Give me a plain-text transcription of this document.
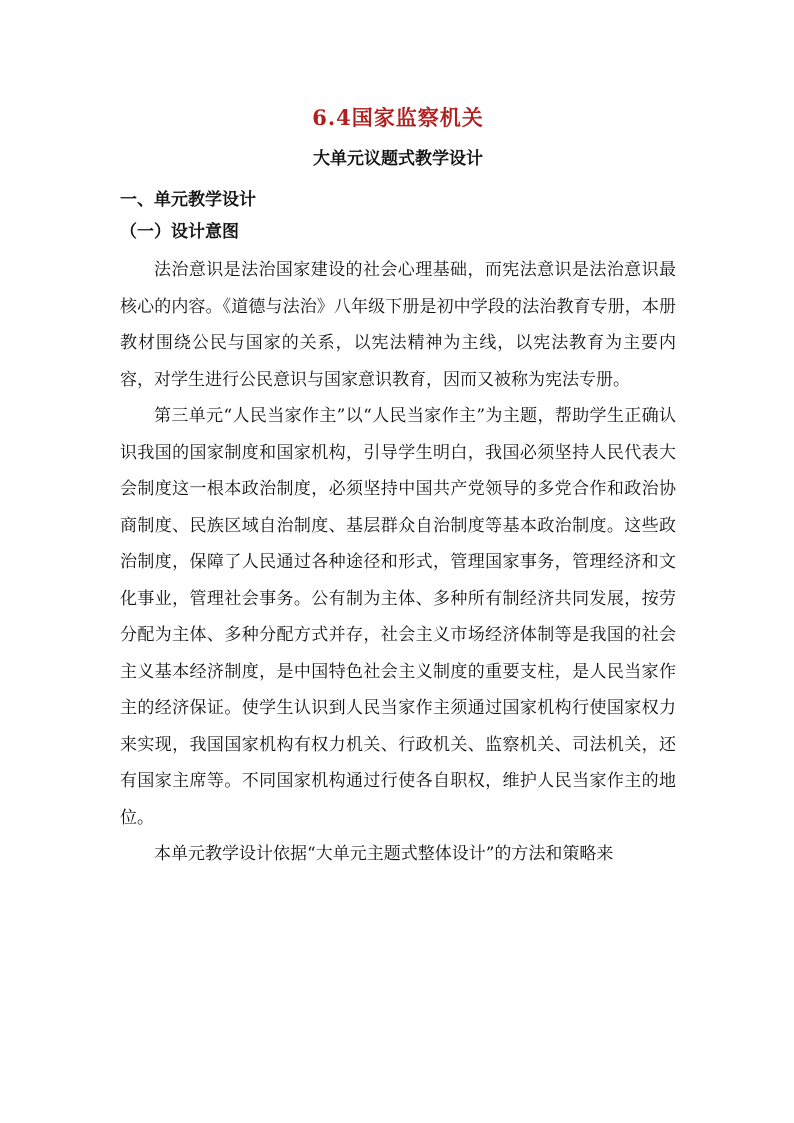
6.4国家监察机关
大单元议题式教学设计
一、单元教学设计
（一）设计意图

法治意识是法治国家建设的社会心理基础，而宪法意识是法治意识最核心的内容。《道德与法治》八年级下册是初中学段的法治教育专册，本册教材围绕公民与国家的关系，以宪法精神为主线，以宪法教育为主要内容，对学生进行公民意识与国家意识教育，因而又被称为宪法专册。

第三单元“人民当家作主”以“人民当家作主”为主题，帮助学生正确认识我国的国家制度和国家机构，引导学生明白，我国必须坚持人民代表大会制度这一根本政治制度，必须坚持中国共产党领导的多党合作和政治协商制度、民族区域自治制度、基层群众自治制度等基本政治制度。这些政治制度，保障了人民通过各种途径和形式，管理国家事务，管理经济和文化事业，管理社会事务。公有制为主体、多种所有制经济共同发展，按劳分配为主体、多种分配方式并存，社会主义市场经济体制等是我国的社会主义基本经济制度，是中国特色社会主义制度的重要支柱，是人民当家作主的经济保证。使学生认识到人民当家作主须通过国家机构行使国家权力来实现，我国国家机构有权力机关、行政机关、监察机关、司法机关，还有国家主席等。不同国家机构通过行使各自职权，维护人民当家作主的地位。

本单元教学设计依据“大单元主题式整体设计”的方法和策略来
